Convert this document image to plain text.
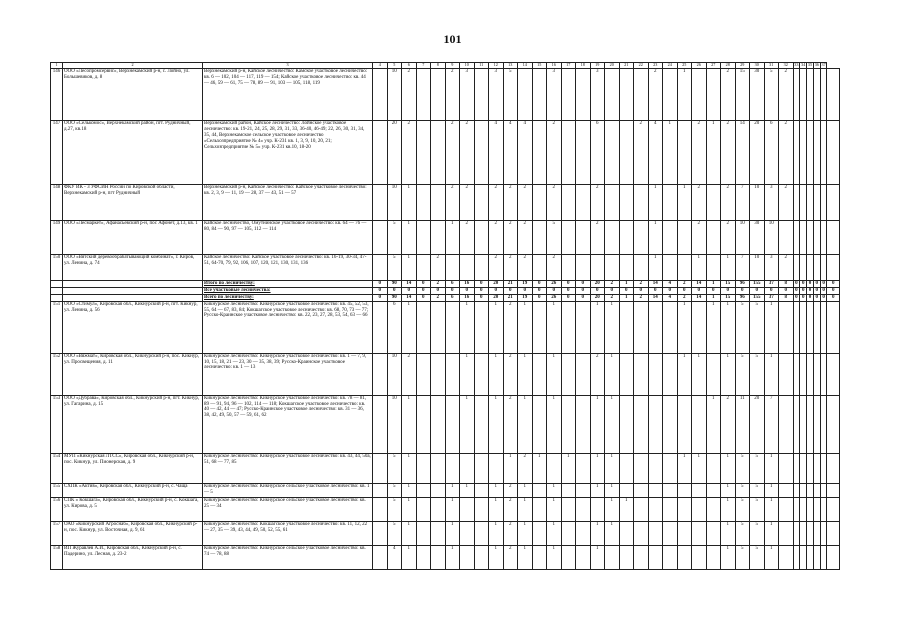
101
1	2	3	4	5	6	7	8	9	10	11	12	13	14	15	16	17	18	19	20	21	22	23	24	25	26	27	28	29	30	31	32	33	34	35	36	37	
146	ООО «Лесопромсервис», Верхнекамский р-н, с. Лойно, ул. Большевиков, д. 8	Верхнекамский р-н, Кайское лесничество: Камское участковое лесничество: кв. 6 — 102, 104 — 117, 119 — 154; Кайское участковое лесничество: кв. 44 — 46, 59 — 61, 75 — 78, 89 — 91, 103 — 105, 118, 119		10	2			2	3		3	5			3			3				2		1			2	15	30	5	2						
147	ООО «Селькомос», Верхнекамский район, пгт. Рудничный, д.27, кв.18	Верхнекамский район, Кайское лесничество: Лойнское участковое лесничество: кв. 19-21, 24, 25, 28, 29, 31, 33, 36-40, 46-49; 22, 26, 30, 31, 34, 35, 44, Верхнекамское сельское участковое лесничество «Сельхозпредприятие № 4» учр. К-231 кв. 1, 3, 9, 10, 20, 21; Сельхозпредприятие № 5» учр. К-231 кв.10, 18-20		20	2			2	2		4	4	4		2			6			2	4	1		2	1	2	14	20	6	2						
148	ФКУ ИК - 3 УФСИН России по Кировской области, Верхнекамский р-н, пгт Рудничный	Верхнекамский р-н, Кайское лесничество: Кайское участковое лесничество: кв. 2, 3, 9 — 11, 19 — 28, 37 — 43, 51 — 57		10	1			2	2		2	2	2		2			2				1		1	2		2	7	10	3	2						
149	ООО «Лесмаркет», Афанасьевский р-н, пос Афонет, д.13, кв. 1	Кайское лесничество, Омутнинское участковое лесничество: кв. 64 — 76 — 80, 84 — 90, 97 — 105, 112 — 114		5	1			1	2		2	2	2		5			2				1			2		2	10	30	10							
150	ООО «Вятский деревообрабатывающий комбинат», г. Киров, ул. Ленина, д. 74	Кайское лесничество: Кайское участковое лесничество: кв. 16-19, 30-34, 47-51, 64-70, 79, 92, 106, 107, 120, 121, 130, 131, 136		5	1		2				2	2	2		2							1			1		1	7	10	3	2						
		Итого по лесничеству:	0	90	14	0	2	6	16	0	20	21	19	0	26	0	0	20	2	1	2	14	4	2	14	1	15	96	155	37	8	0	0	0	0	0	0
		Все участковые лесничества:	0	0	0	0	0	0	0	0	0	0	0	0	0	0	0	0	0	0	0	0	0	0	0	0	0	0	0	0	0	0	0	0	0	0	0
		Всего по лесничеству:	0	90	14	0	2	6	16	0	20	21	19	0	26	0	0	20	2	1	2	14	4	2	14	1	15	96	155	37	8	0	0	0	0	0	0
151	ООО «Стимул», Кировская обл., Кикнурский р-н, пгт. Кикнур, ул. Ленина, д. 56	Кикнурское лесничество: Кикнурское участковое лесничество: кв. 45, 52, 53, 55, 64 — 67, 83, 84; Кокшагское участковое лесничество: кв. 68, 70, 73 — 77; Русско-Краинское участковое лесничество: кв. 22, 23, 27, 28, 53, 54, 63 — 66		6	1				1		1	2	1		1			1	1					1		1	1	5	5	1							
152	ООО «Вяжмат», Кировская обл., Кикнурский р-н, пос. Кикнур, ул. Просвещения, д. 11	Кикнурское лесничество: Кикнурское участковое лесничество: кв. 1 — 7, 9, 10, 15, 18, 21 — 23, 30 — 35, 38, 39; Русско-Краинское участковое лесничество: кв. 1 — 13		10	2				1		1	2	1		1			2	1					1	1		1	5	5	1							
153	ООО «Дубрава», Кировская обл., Кикнурский р-н, пгт. Кикнур, ул. Гагарина, д. 15	Кикнурское лесничество: Кикнурское участковое лесничество: кв. 78 — 81, 89 — 91, 94, 96 — 102, 114 — 118; Кокшагское участковое лесничество: кв. 40 — 42, 44 — 47; Русско-Краинское участковое лесничество: кв. 31 — 36, 38, 42, 49, 50, 57 — 59, 61, 62		10	1				1		1	2	1		1			1	1							1	2	11	20	7							
154	МУП «Кикнурская ЛТСС», Кировская обл., Кикнурский р-н, пос. Кикнур, ул. Пионерская, д. 9	Кикнурское лесничество: Кикнурское участковое лесничество: кв. 43, 44, 50а, 51, 68 — 77, 85		5	1							1	2	1		1		1	1					1	1		1	5	5	1							
155	СХПК «Актив», Кировская обл., Кикнурский р-н, с. Чаща	Кикнурское лесничество: Кикнурское сельское участковое лесничество: кв. 1 — 5		5	1			1	1		1	2	1		1			1	1								1	5	5	1							
156	СПК « Кокшага», Кировская обл., Кикнурский р-н, с. Кокшага, ул. Кирова, д. 5	Кикнурское лесничество: Кикнурское сельское участковое лесничество: кв. 25 — 34		5	1			1			1	2	1		1				1	1							1	5	5	1							
157	ОАО «Кикнурский Агроснаб», Кировская обл., Кикнурский р-н, пос. Кикнур, ул. Восточная, д. 9, 61	Кикнурское лесничество: Кокшагское участковое лесничество: кв. 11, 12, 22 — 27, 35 — 39, 43, 44, 49, 50, 52, 55, 61		5	1			1			1	2	1		1			1	1								1	5	5	1							
158	ИП Журавлев А.И., Кировская обл., Кикнурский р-н, с. Падерино, ул. Лесная, д. 23-2	Кикнурское лесничество: Кикнурское сельское участковое лесничество: кв. 74 — 78, 88		4	1			1			1	2	1		1			1									1	5	5	1							
